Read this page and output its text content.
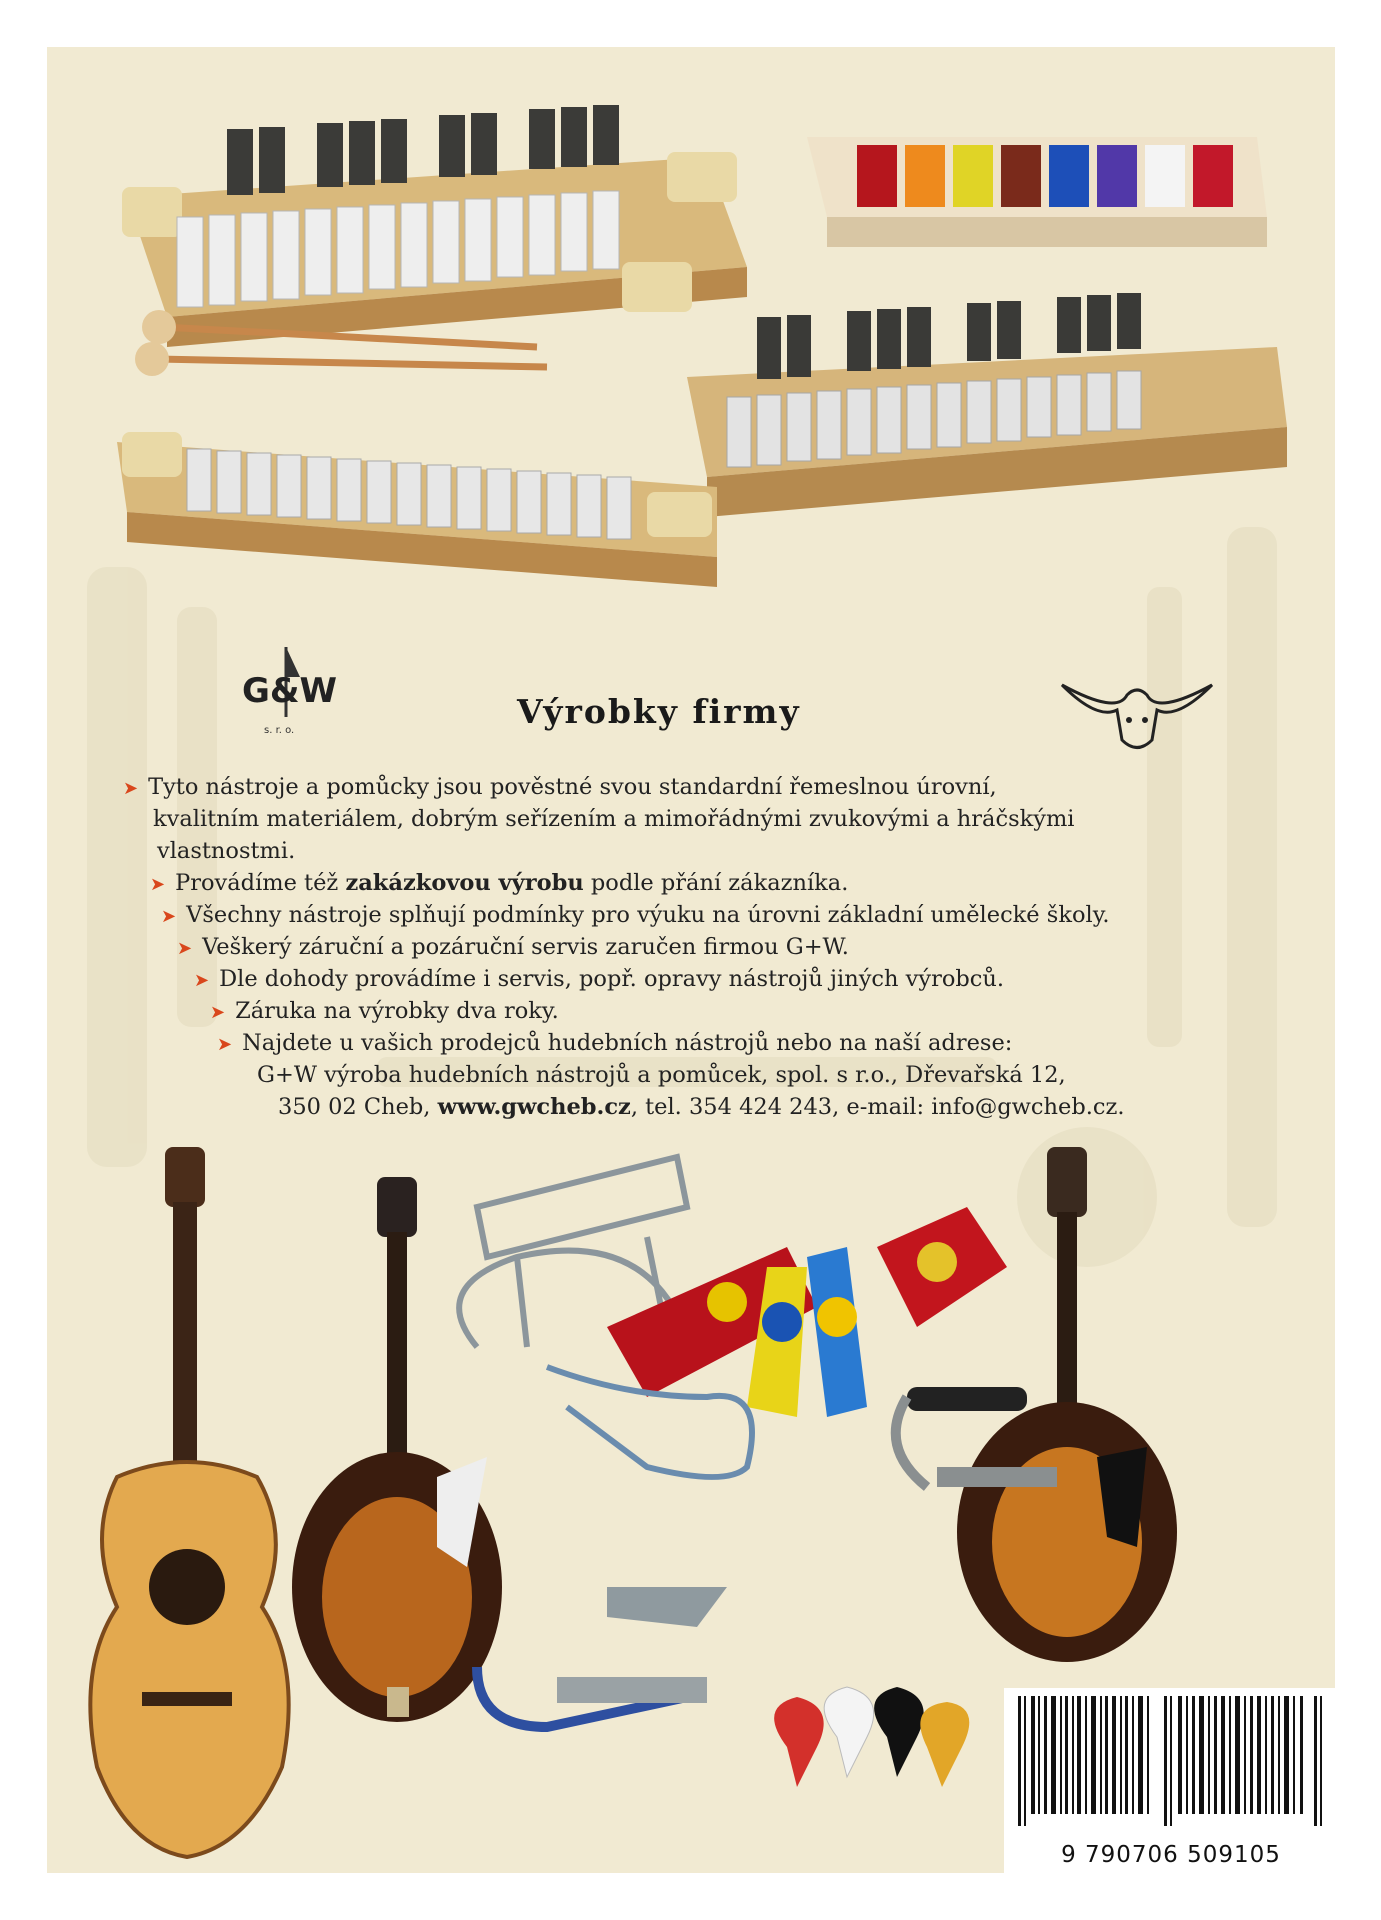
G&W
s. r. o.	Výrobky firmy
➤ Tyto nástroje a pomůcky jsou pověstné svou standardní řemeslnou úrovní,
kvalitním materiálem, dobrým seřízením a mimořádnými zvukovými a hráčskými
vlastnostmi.
➤ Provádíme též zakázkovou výrobu podle přání zákazníka.
➤ Všechny nástroje splňují podmínky pro výuku na úrovni základní umělecké školy.
➤ Veškerý záruční a pozáruční servis zaručen firmou G+W.
➤ Dle dohody provádíme i servis, popř. opravy nástrojů jiných výrobců.
➤ Záruka na výrobky dva roky.
➤ Najdete u vašich prodejců hudebních nástrojů nebo na naší adrese:
G+W výroba hudebních nástrojů a pomůcek, spol. s r.o., Dřevařská 12,
350 02 Cheb, www.gwcheb.cz, tel. 354 424 243, e-mail: info@gwcheb.cz.
9 790706 509105
